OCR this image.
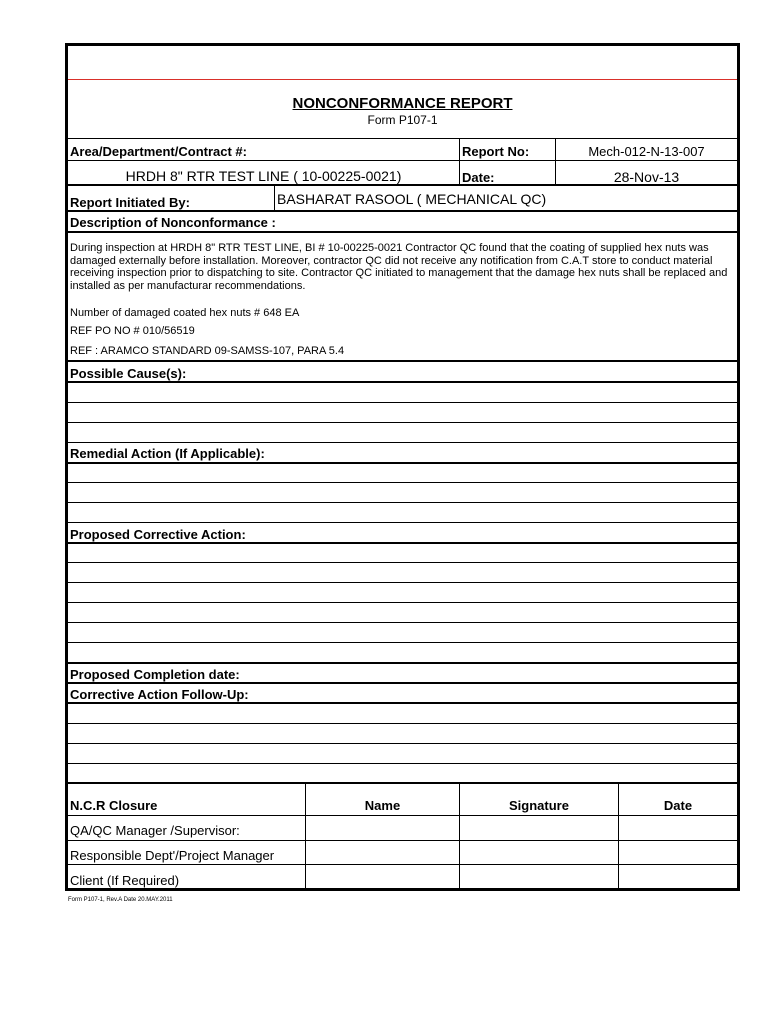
NONCONFORMANCE REPORT
Form P107-1
Area/Department/Contract #:	Report No:	Mech-012-N-13-007
HRDH 8" RTR TEST LINE ( 10-00225-0021)	Date:	28-Nov-13
Report Initiated By:	BASHARAT RASOOL ( MECHANICAL QC)
Description of Nonconformance :
During inspection at HRDH 8" RTR TEST LINE, BI # 10-00225-0021 Contractor QC found that the coating of supplied hex nuts was damaged externally before installation. Moreover, contractor QC did not receive any notification from C.A.T store to conduct material receiving inspection prior to dispatching to site. Contractor QC initiated to management that the damage hex nuts shall be replaced and installed as per manufacturar recommendations.
Number of damaged coated hex nuts # 648 EA
REF PO NO # 010/56519
REF : ARAMCO STANDARD 09-SAMSS-107, PARA 5.4
Possible Cause(s):
Remedial Action (If Applicable):
Proposed Corrective Action:
Proposed Completion date:
Corrective Action Follow-Up:
N.C.R Closure	Name	Signature	Date
QA/QC Manager /Supervisor:
Responsible Dept'/Project Manager
Client (If Required)
Form P107-1, Rev.A Date 20.MAY.2011
